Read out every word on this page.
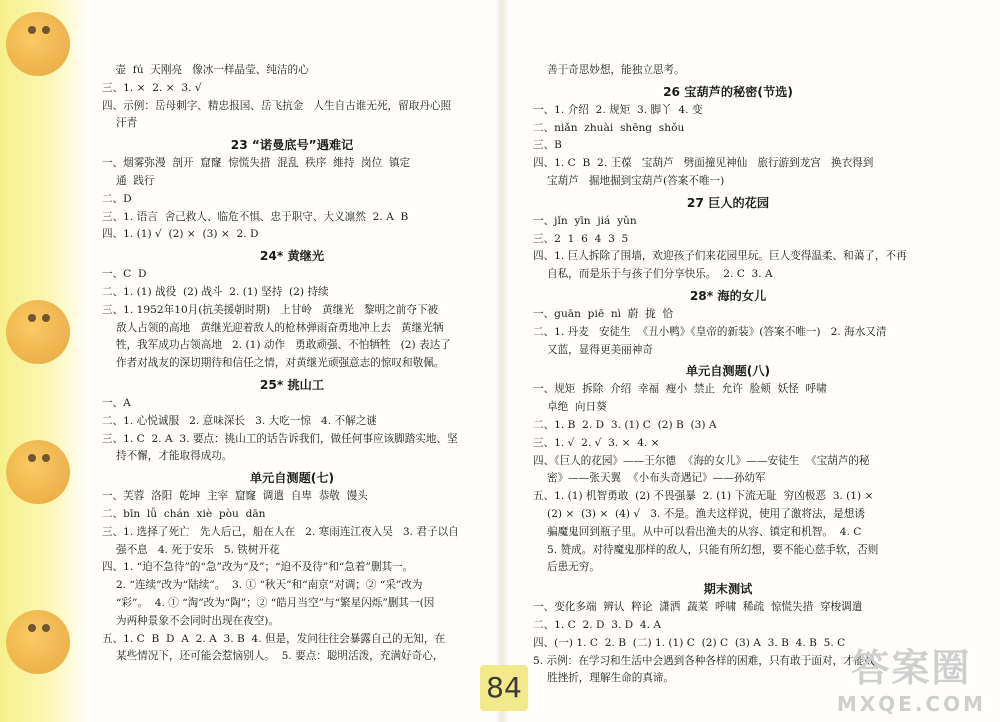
壶  fú  天刚亮   像冰一样晶莹、纯洁的心
三、1. ×  2. ×  3. √
四、示例：岳母刺字、精忠报国、岳飞抗金   人生自古谁无死，留取丹心照
汗青
23 “诺曼底号”遇难记
一、烟雾弥漫  剖开  窟窿  惊慌失措  混乱  秩序  維持  岗位  镇定
通  践行
二、D
三、1. 语言  舍己救人、临危不惧、忠于职守、大义凛然  2. A  B
四、1. (1) √  (2) ×  (3) ×  2. D
24* 黄继光
一、C  D
二、1. (1) 战役  (2) 战斗  2. (1) 坚持  (2) 持续
三、1. 1952年10月(抗美援朝时期)   上甘岭   黄继光   黎明之前夺下被
敌人占领的高地   黄继光迎着敌人的枪林弹雨奋勇地冲上去   黄继光牺
牲，我军成功占领高地   2. (1) 动作   勇敢顽强、不怕牺牲   (2) 表达了
作者对战友的深切期待和信任之情，对黄继光顽强意志的惊叹和敬佩。
25* 挑山工
一、A
二、1. 心悦诚服   2. 意味深长   3. 大吃一惊   4. 不解之谜
三、1. C  2. A  3. 要点：挑山工的话告诉我们，做任何事应该脚踏实地、坚
持不懈，才能取得成功。
单元自测题(七)
一、芙蓉  洛阳  乾坤  主宰  窟窿  调遣  自卑  恭敬  馒头
二、bīn  lǚ  chán  xiè  pòu  dān
三、1. 选择了死亡   先人后己，船在人在   2. 寒雨连江夜入吴   3. 君子以自
强不息   4. 死于安乐   5. 铁树开花
四、1. “迫不急待”的“急”改为“及”；“迫不及待”和“急着”删其一。
2. “连续”改为“陆续”。  3. ① “秋天”和“南京”对调；② “采”改为
“彩”。  4. ① “淘”改为“陶”；② “皓月当空”与“繁星闪烁”删其一(因
为两种景象不会同时出现在夜空)。
五、1. C  B  D  A  2. A  3. B  4. 但是，发问往往会暴露自己的无知，在
某些情况下，还可能会惹恼别人。  5. 要点：聪明活泼，充满好奇心，
善于奇思妙想，能独立思考。
26 宝葫芦的秘密(节选)
一、1. 介绍  2. 规矩  3. 脚丫  4. 变
二、niǎn  zhuài  shēng  shǒu
三、B
四、1. C  B  2. 王葆   宝葫芦   劈面撞见神仙   旅行游到龙宫   换衣得到
宝葫芦   掘地掘到宝葫芦(答案不唯一)
27 巨人的花园
一、jǐn  yīn  jiá  yǔn
三、2  1  6  4  3  5
四、1. 巨人拆除了围墙，欢迎孩子们来花园里玩。巨人变得温柔、和蔼了，不再
自私，而是乐于与孩子们分享快乐。  2. C  3. A
28* 海的女儿
一、guān  piē  nì  蔚  拢  恰
二、1. 丹麦   安徒生  《丑小鸭》《皇帝的新装》(答案不唯一)   2. 海水又清
又蓝，显得更美丽神奇
单元自测题(八)
一、规矩  拆除  介绍  幸福  瘦小  禁止  允许  脸颊  妖怪  呼啸
卓绝  向日葵
二、1. B  2. D  3. (1) C  (2) B  (3) A
三、1. √  2. √  3. ×  4. ×
四、《巨人的花园》——王尔德  《海的女儿》——安徒生  《宝葫芦的秘
密》——张天翼  《小布头奇遇记》——孙幼军
五、1. (1) 机智勇敢  (2) 不畏强暴  2. (1) 下流无耻  穷凶极恶  3. (1) ×
(2) ×  (3) ×  (4) √   3. 不是。渔夫这样说，使用了激将法，是想诱
骗魔鬼回到瓶子里。从中可以看出渔夫的从容、镇定和机智。  4. C
5. 赞成。对待魔鬼那样的敌人，只能有所幻想，要不能心慈手软，否则
后患无穷。
期末测试
一、变化多端  辨认  粹论  潇洒  蔬菜  呼啸  稀疏  惊慌失措  穿梭调遣
二、1. C  2. D  3. D  4. A
四、(一) 1. C  2. B  (二) 1. (1) C  (2) C  (3) A  3. B  4. B  5. C
5. 示例：在学习和生活中会遇到各种各样的困难，只有敢于面对，才能战
胜挫折，理解生命的真谛。
84	答案圈
MXQE.COM
